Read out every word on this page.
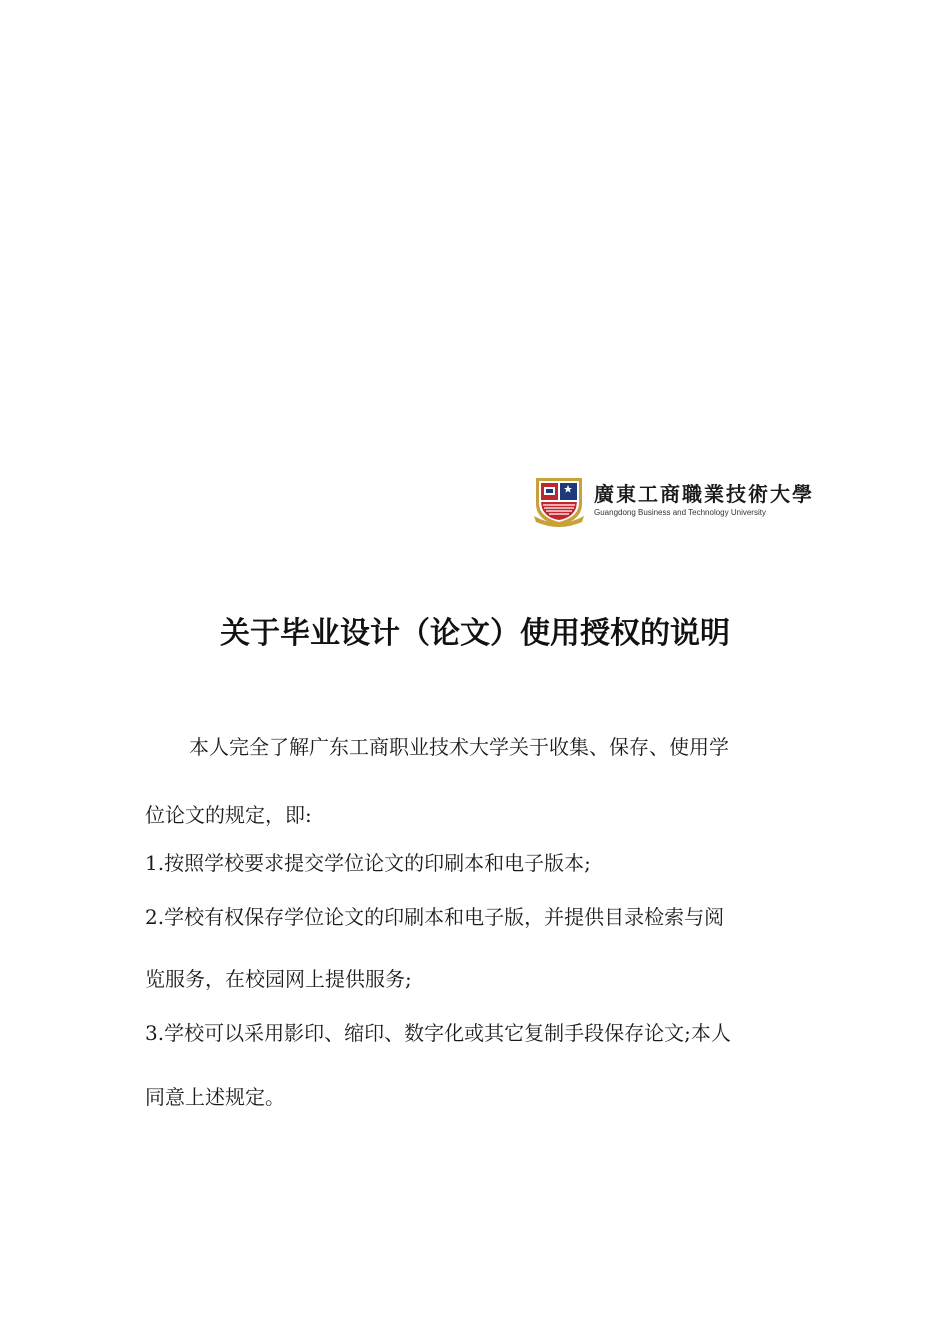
廣東工商職業技術大學
Guangdong Business and Technology University
关于毕业设计（论文）使用授权的说明
本人完全了解广东工商职业技术大学关于收集、保存、使用学
位论文的规定，即:
1.按照学校要求提交学位论文的印刷本和电子版本;
2.学校有权保存学位论文的印刷本和电子版，并提供目录检索与阅
览服务，在校园网上提供服务;
3.学校可以采用影印、缩印、数字化或其它复制手段保存论文;本人
同意上述规定。
